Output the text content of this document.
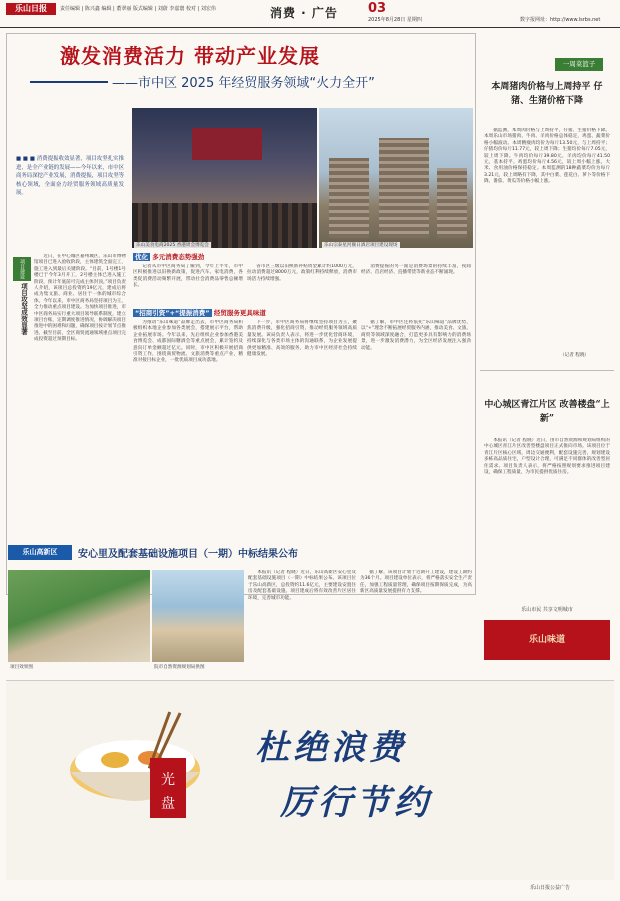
乐山日报	责任编辑 | 陈兴鑫 编辑 | 董翠丽 版式编辑 | 刘蔚 李嘉寰 校对 | 刘宏伟	消费 · 广告 03
2025年8月28日 星期四	数字报网址：http://www.lsrbs.net
激发消费活力 带动产业发展
——市中区 2025 年经贸服务领域“火力全开”
■ ■ ■ 消费提振收效显著，项目攻坚扎实推进，是全产业链的发展——今年以来，市中区商务局深挖产业发展，消费提振，项目攻坚等核心领域，全面奋力经贸服务领域高质量发展。
乐山美食电商2025 香港周会博览会	乐山宗泰星河颐日酒店项目建设现场
项目建设
项目攻坚成效显著

近日，在中心城区嘉州城区，乐山市博物馆项目已进入验收阶段，主体建筑全面完工，施工进入到最后关键阶段。“目前，1号楼1号楼已于今年3月开工，2号楼主体已进入施工阶段，预计年底前可完成主体封顶。”项目负责人介绍，该项目总投资约19亿元，建成后将成为集文旅、商业、居住于一体的城市综合体。今年以来，市中区商务局坚持项目为王，全力推动重点项目建设。为加快项目推进，市中区商务局实行重大项目领导联系制度，建立项目台账，定期调度推进情况，协调解决项目推进中的困难和问题，确保项目按计划节点推进。截至目前，全区商贸流通领域重点项目完成投资超过预期目标。

优化 多元消费态势强劲

记者从市中区商务局了解到，今年上半年，市中区积极推进以旧换新政策，促进汽车、家电消费，各类促消费活动频繁开展，带动社会消费品零售总额增长。

省市区三级以旧换新补贴资金累计约1000万元，拉动消费超过8000万元，政策红利持续释放，消费市场活力持续增强。

消费提振的另一面是消费场景的持续丰富，夜间经济、首店经济、直播带货等新业态不断涌现。

“招商引资”+“提振消费” 经贸服务更具味道

为推动“乐山味道”品牌走出去，市中区商务局积极组织本地企业参加各类展会，搭建展示平台，帮助企业拓展市场。今年以来，先后组织企业参加香港美食博览会、成都国际糖酒会等重点展会，累计签约及意向订单金额超过亿元。同时，市中区积极开展招商引资工作，围绕商贸物流、文旅消费等重点产业，精准对接目标企业，一批优质项目成功落地。

下一步，市中区商务局将继续坚持项目为王，聚焦消费升级，强化招商引资，推动经贸服务领域高质量发展。该局负责人表示，将进一步优化营商环境，持续深化与各类市场主体的沟通联系，为企业发展提供更加精准、高效的服务，助力市中区经济社会持续健康发展。

据了解，市中区还将依托“乐山味道”品牌优势，以“+”理念不断拓展经贸服务内涵，推动美食、文旅、商贸等领域深度融合，打造更多具有影响力的消费场景，进一步激发消费潜力，为全区经济发展注入强劲动能。

一周菜篮子
本周猪肉价格与上周持平 仔猪、生猪价格下降

据监测，本周肉价格与上周持平，仔猪、生猪价格下降。本周乐山市场猪肉、牛肉、羊肉价格总体稳定，鸡蛋、蔬菜价格小幅波动。本周精瘦肉均价为每斤13.50元，与上周持平；仔猪均价每斤11.77元，较上周下降；生猪均价每斤7.05元，较上周下降。牛肉均价每斤39.80元，羊肉均价每斤41.50元，基本持平。鸡蛋均价每斤4.56元，较上周小幅上涨。大米、食用油价格保持稳定。本周监测的18种蔬菜均价为每斤3.21元，较上周略有下降，其中白菜、莲花白、萝卜等价格下降，番茄、黄瓜等价格小幅上涨。

（记者 程晓）
中心城区青江片区 改善楼盘“上新”

本报讯（记者 程晓）近日，由市自然资源和规划局组织的中心城区青江片区改善型楼盘项目正式推向市场。该项目位于青江片区核心区域，周边交通便利，配套设施完善，规划建设多栋高品质住宅，户型设计合理，可满足不同群体的改善型居住需求。项目负责人表示，将严格按照规划要求推进项目建设，确保工程质量，为市民提供优质住房。

乐山高新区	安心里及配套基础设施项目（一期）中标结果公布
项目效果图	院市自然资源规划局供图

本报讯（记者 程晓）近日，乐山高新区安心里及配套基础设施项目（一期）中标结果公布。该项目位于乐山高新区，总投资约11.6亿元，主要建设安置住房及配套基础设施。项目建成后将有效改善片区居住环境，完善城市功能。

据了解，该项目计划于近期开工建设，建设工期约为36个月。项目建设单位表示，将严格落实安全生产责任，加强工程质量管理，确保项目按期保质完成，为高新区高质量发展提供有力支撑。

乐山市民 共享文明城市
乐山味道
光
盘
杜绝浪费
厉行节约
乐山日报公益广告
